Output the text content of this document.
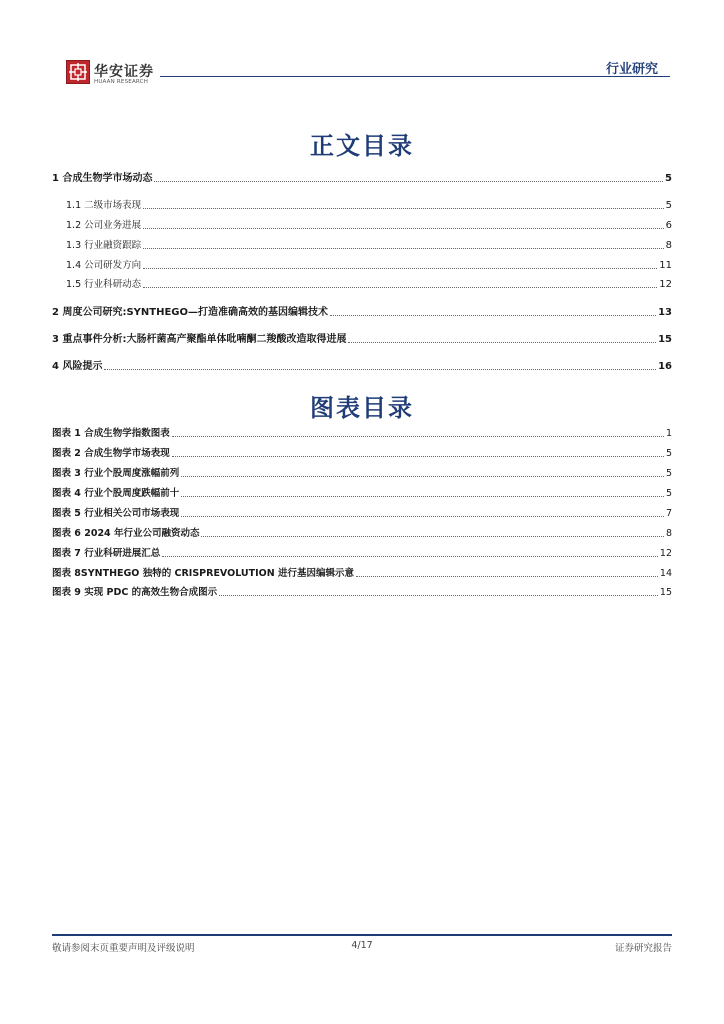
华安证券
HUAAN RESEARCH
行业研究
正文目录
1 合成生物学市场动态	5
1.1 二级市场表现	5
1.2 公司业务进展	6
1.3 行业融资跟踪	8
1.4 公司研发方向	11
1.5 行业科研动态	12
2 周度公司研究:SYNTHEGO—打造准确高效的基因编辑技术	13
3 重点事件分析:大肠杆菌高产聚酯单体吡喃酮二羧酸改造取得进展	15
4 风险提示	16
图表目录
图表 1 合成生物学指数图表	1
图表 2 合成生物学市场表现	5
图表 3 行业个股周度涨幅前列	5
图表 4 行业个股周度跌幅前十	5
图表 5 行业相关公司市场表现	7
图表 6 2024 年行业公司融资动态	8
图表 7 行业科研进展汇总	12
图表 8SYNTHEGO 独特的 CRISPREVOLUTION 进行基因编辑示意	14
图表 9 实现 PDC 的高效生物合成图示	15
敬请参阅末页重要声明及评级说明	4/17	证券研究报告
